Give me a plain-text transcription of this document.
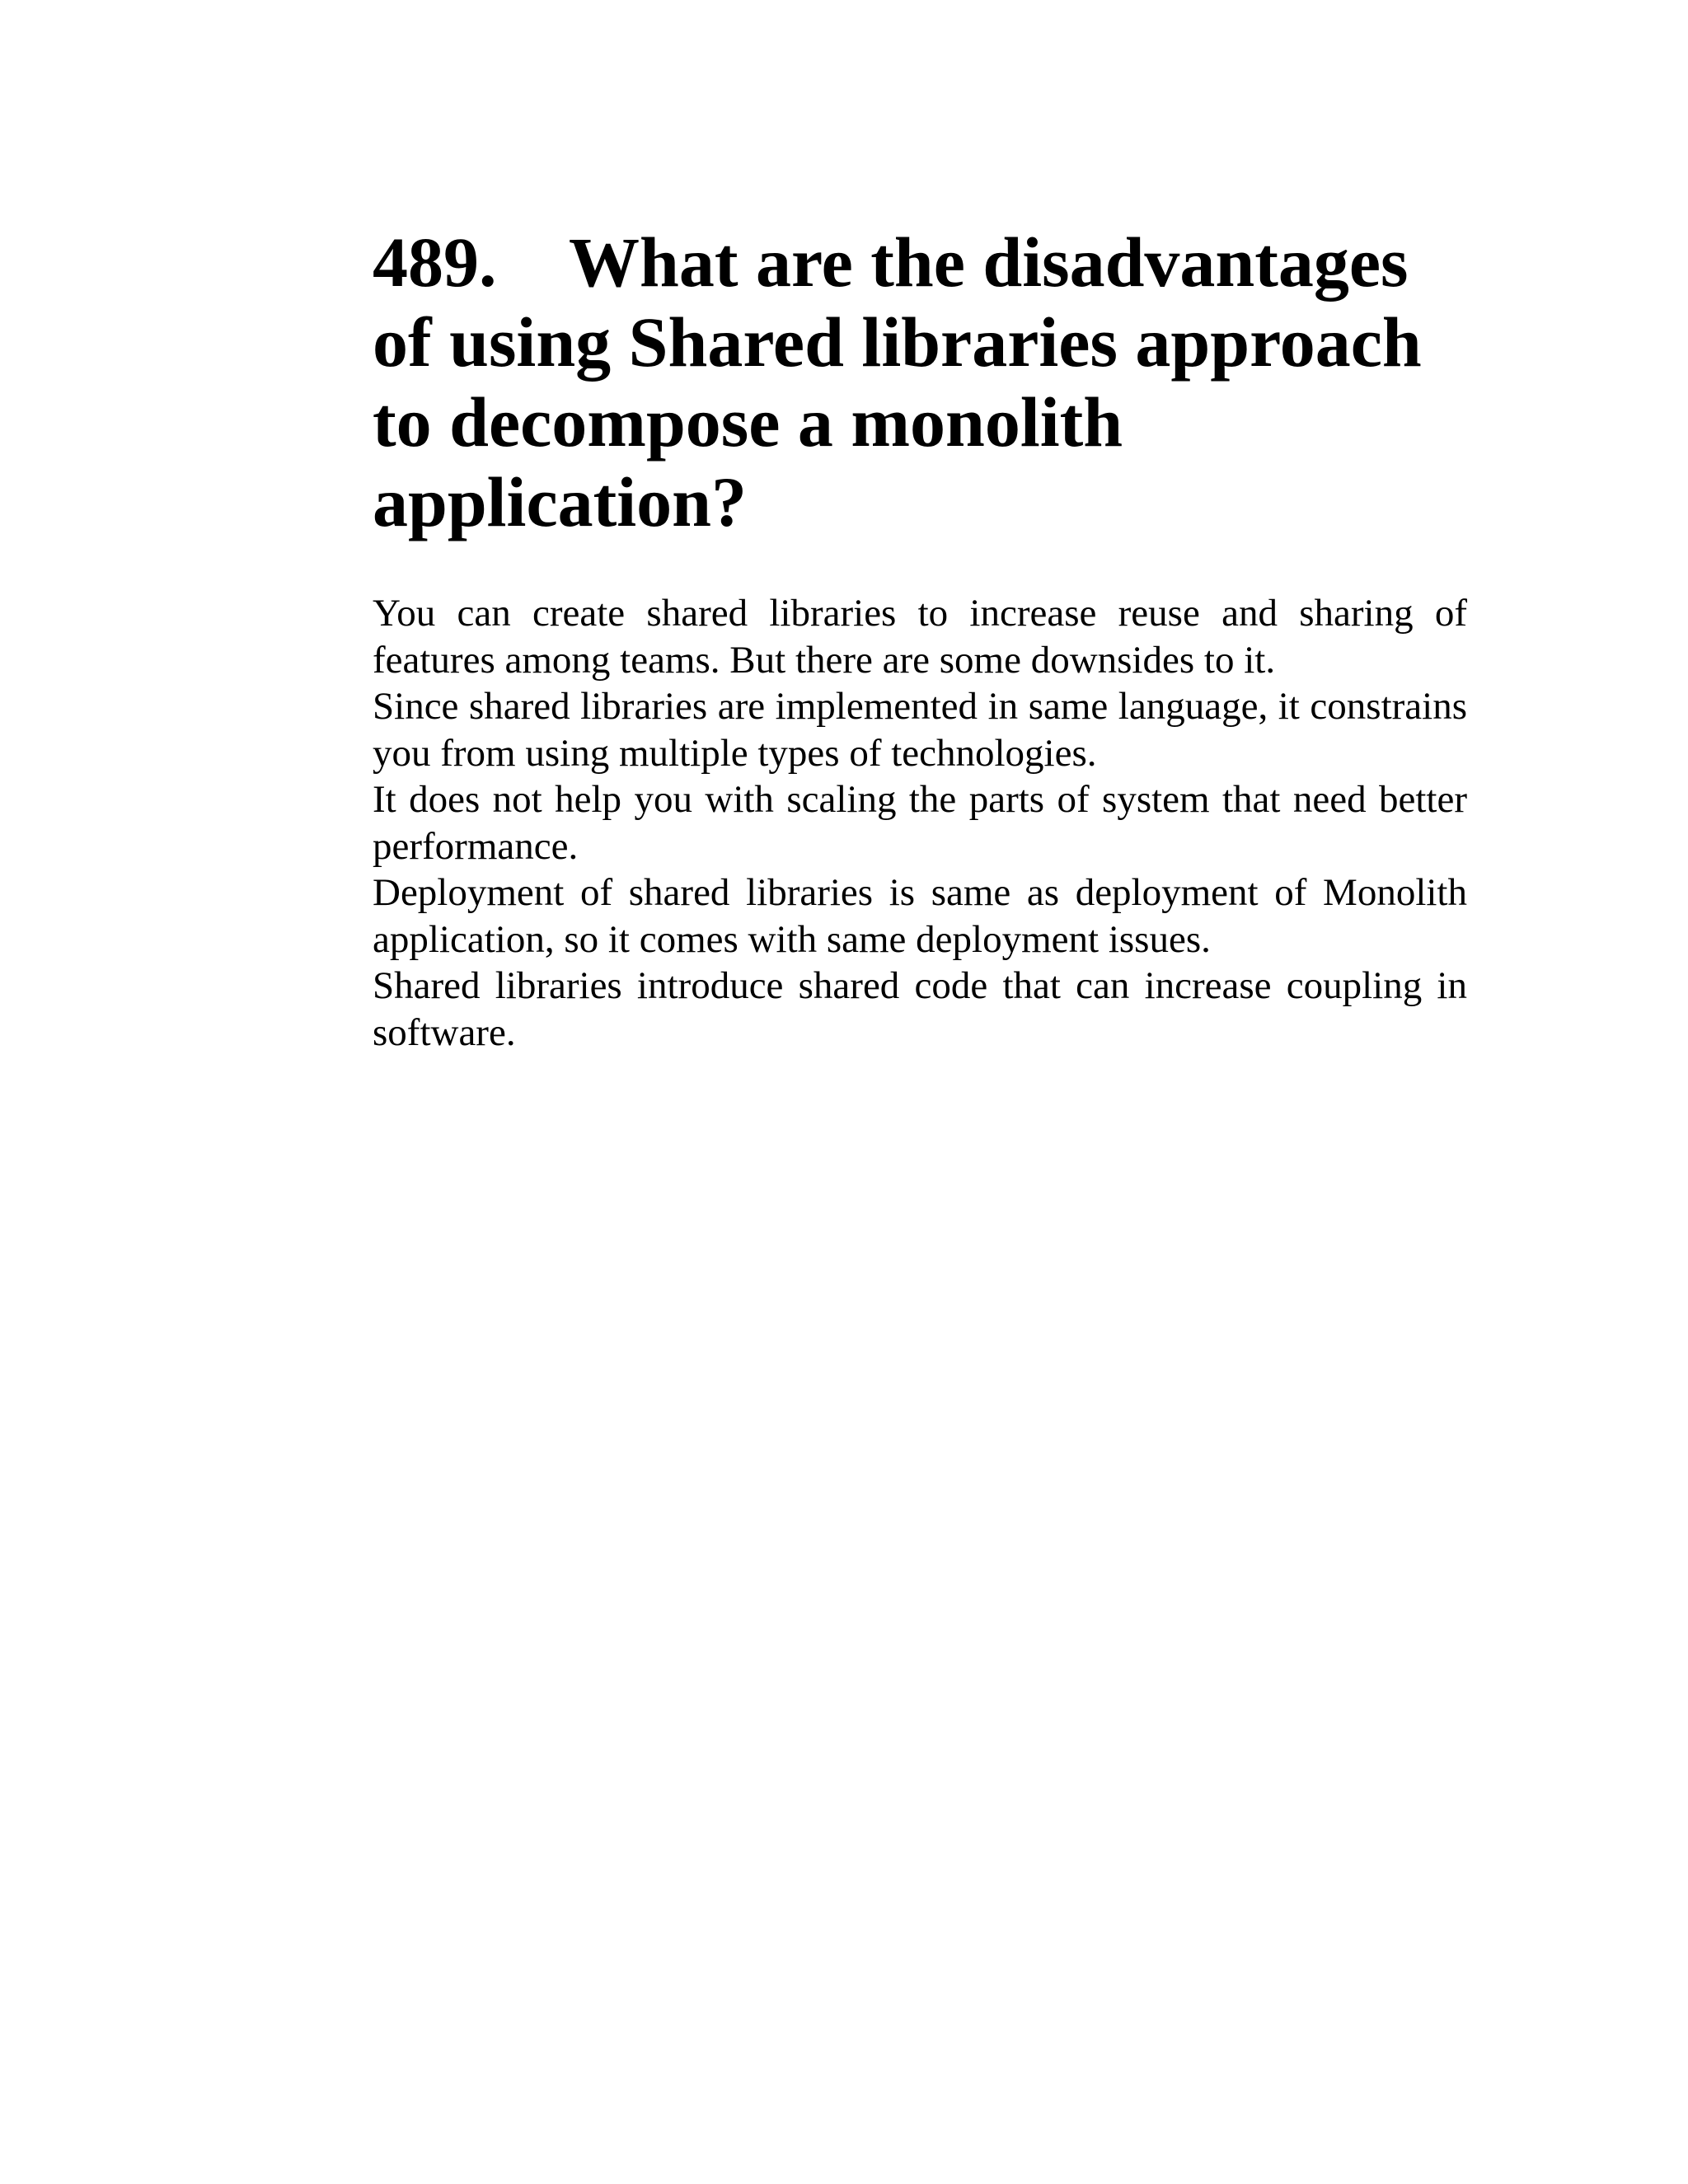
489. What are the disadvantages of using Shared libraries approach to decompose a monolith application?

You can create shared libraries to increase reuse and sharing of features among teams. But there are some downsides to it.

Since shared libraries are implemented in same language, it constrains you from using multiple types of technologies.

It does not help you with scaling the parts of system that need better performance.

Deployment of shared libraries is same as deployment of Monolith application, so it comes with same deployment issues.

Shared libraries introduce shared code that can increase coupling in software.
